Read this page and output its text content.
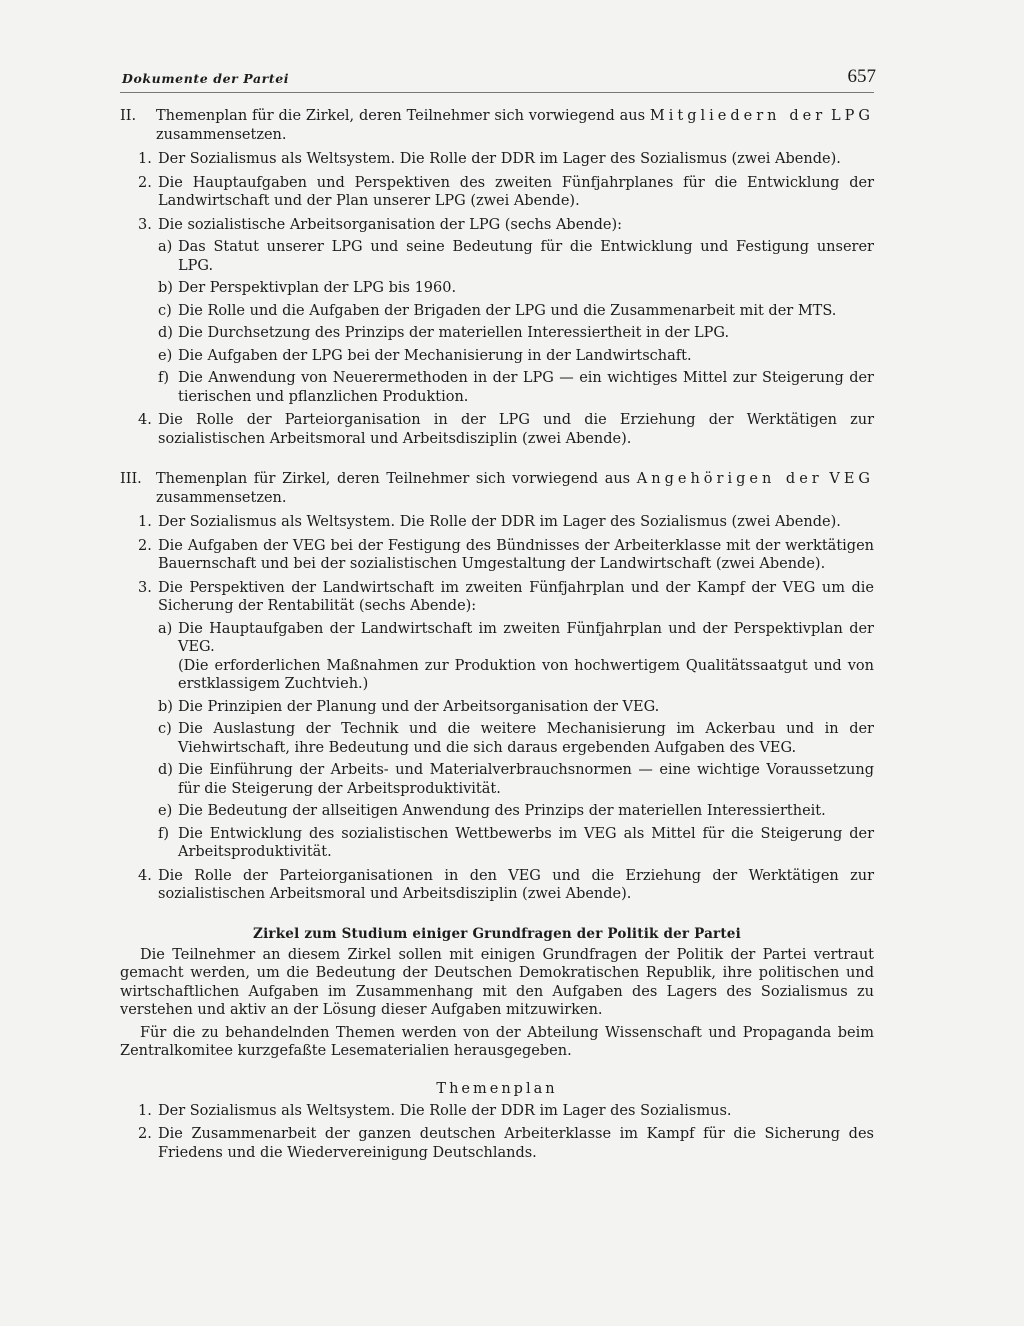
Dokumente der Partei	657
II.	Themenplan für die Zirkel, deren Teilnehmer sich vorwiegend aus Mitgliedern der LPG zusammensetzen.
1. Der Sozialismus als Weltsystem. Die Rolle der DDR im Lager des Sozialismus (zwei Abende).
2. Die Hauptaufgaben und Perspektiven des zweiten Fünfjahrplanes für die Entwicklung der Landwirtschaft und der Plan unserer LPG (zwei Abende).
3. Die sozialistische Arbeitsorganisation der LPG (sechs Abende):
a) Das Statut unserer LPG und seine Bedeutung für die Entwicklung und Festigung unserer LPG.
b) Der Perspektivplan der LPG bis 1960.
c) Die Rolle und die Aufgaben der Brigaden der LPG und die Zusammenarbeit mit der MTS.
d) Die Durchsetzung des Prinzips der materiellen Interessiertheit in der LPG.
e) Die Aufgaben der LPG bei der Mechanisierung in der Landwirtschaft.
f) Die Anwendung von Neuerermethoden in der LPG — ein wichtiges Mittel zur Steigerung der tierischen und pflanzlichen Produktion.
4. Die Rolle der Parteiorganisation in der LPG und die Erziehung der Werktätigen zur sozialistischen Arbeitsmoral und Arbeitsdisziplin (zwei Abende).
III. Themenplan für Zirkel, deren Teilnehmer sich vorwiegend aus Angehörigen der VEG zusammensetzen.
1. Der Sozialismus als Weltsystem. Die Rolle der DDR im Lager des Sozialismus (zwei Abende).
2. Die Aufgaben der VEG bei der Festigung des Bündnisses der Arbeiterklasse mit der werktätigen Bauernschaft und bei der sozialistischen Umgestaltung der Landwirtschaft (zwei Abende).
3. Die Perspektiven der Landwirtschaft im zweiten Fünfjahrplan und der Kampf der VEG um die Sicherung der Rentabilität (sechs Abende):
a) Die Hauptaufgaben der Landwirtschaft im zweiten Fünfjahrplan und der Perspektivplan der VEG.
(Die erforderlichen Maßnahmen zur Produktion von hochwertigem Qualitätssaatgut und von erstklassigem Zuchtvieh.)
b) Die Prinzipien der Planung und der Arbeitsorganisation der VEG.
c) Die Auslastung der Technik und die weitere Mechanisierung im Ackerbau und in der Viehwirtschaft, ihre Bedeutung und die sich daraus ergebenden Aufgaben des VEG.
d) Die Einführung der Arbeits- und Materialverbrauchsnormen — eine wichtige Voraussetzung für die Steigerung der Arbeitsproduktivität.
e) Die Bedeutung der allseitigen Anwendung des Prinzips der materiellen Interessiertheit.
f) Die Entwicklung des sozialistischen Wettbewerbs im VEG als Mittel für die Steigerung der Arbeitsproduktivität.
4. Die Rolle der Parteiorganisationen in den VEG und die Erziehung der Werktätigen zur sozialistischen Arbeitsmoral und Arbeitsdisziplin (zwei Abende).
Zirkel zum Studium einiger Grundfragen der Politik der Partei
Die Teilnehmer an diesem Zirkel sollen mit einigen Grundfragen der Politik der Partei vertraut gemacht werden, um die Bedeutung der Deutschen Demokratischen Republik, ihre politischen und wirtschaftlichen Aufgaben im Zusammenhang mit den Aufgaben des Lagers des Sozialismus zu verstehen und aktiv an der Lösung dieser Aufgaben mitzuwirken.
Für die zu behandelnden Themen werden von der Abteilung Wissenschaft und Propaganda beim Zentralkomitee kurzgefaßte Lesematerialien herausgegeben.
Themenplan
1. Der Sozialismus als Weltsystem. Die Rolle der DDR im Lager des Sozialismus.
2. Die Zusammenarbeit der ganzen deutschen Arbeiterklasse im Kampf für die Sicherung des Friedens und die Wiedervereinigung Deutschlands.
